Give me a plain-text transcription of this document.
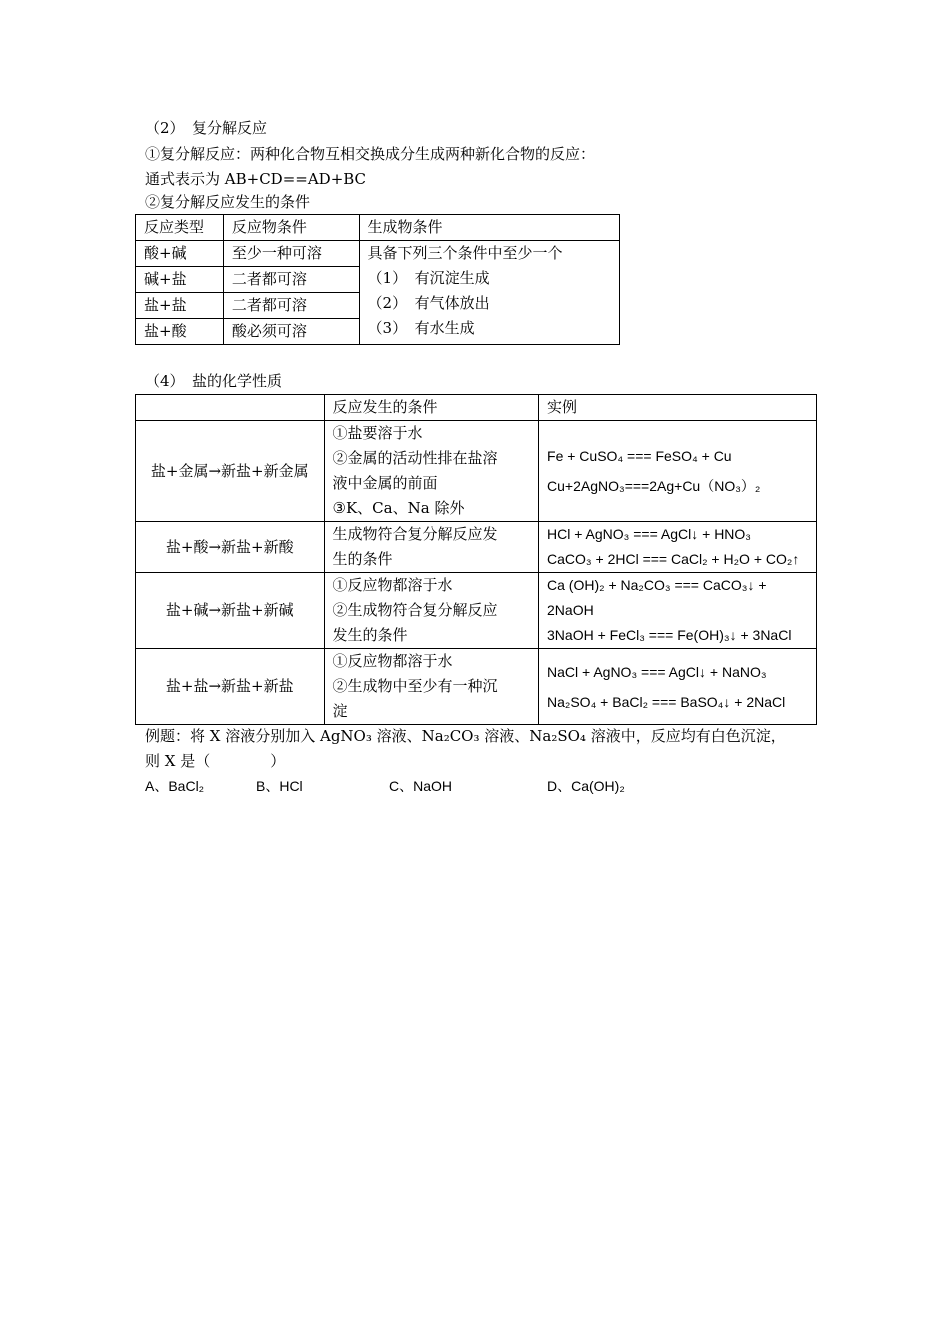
（2）　复分解反应
①复分解反应：两种化合物互相交换成分生成两种新化合物的反应：
通式表示为 AB+CD==AD+BC
②复分解反应发生的条件
反应类型	反应物条件	生成物条件
酸+碱	至少一种可溶	具备下列三个条件中至少一个
（1）　有沉淀生成
（2）　有气体放出
（3）　有水生成

碱+盐	二者都可溶	
盐+盐	二者都可溶	
盐+酸	酸必须可溶	
（4）　盐的化学性质
	反应发生的条件	实例
盐+金属→新盐+新金属	①盐要溶于水
②金属的活动性排在盐溶
液中金属的前面
③K、Ca、Na 除外	Fe + CuSO₄ === FeSO₄ + Cu
Cu+2AgNO₃===2Ag+Cu（NO₃）₂

盐+酸→新盐+新酸	生成物符合复分解反应发
生的条件	HCl + AgNO₃ === AgCl↓ + HNO₃
CaCO₃ + 2HCl === CaCl₂ + H₂O + CO₂↑

盐+碱→新盐+新碱	①反应物都溶于水
②生成物符合复分解反应
发生的条件	Ca (OH)₂ + Na₂CO₃ === CaCO₃↓ +
2NaOH
3NaOH + FeCl₃ === Fe(OH)₃↓ + 3NaCl

盐+盐→新盐+新盐	①反应物都溶于水
②生成物中至少有一种沉
淀	NaCl + AgNO₃ === AgCl↓ + NaNO₃
Na₂SO₄ + BaCl₂ === BaSO₄↓ + 2NaCl
例题：将 X 溶液分别加入 AgNO₃ 溶液、Na₂CO₃ 溶液、Na₂SO₄ 溶液中，反应均有白色沉淀，
则 X 是（　　　　）
A、BaCl₂	B、HCl	C、NaOH	D、Ca(OH)₂
